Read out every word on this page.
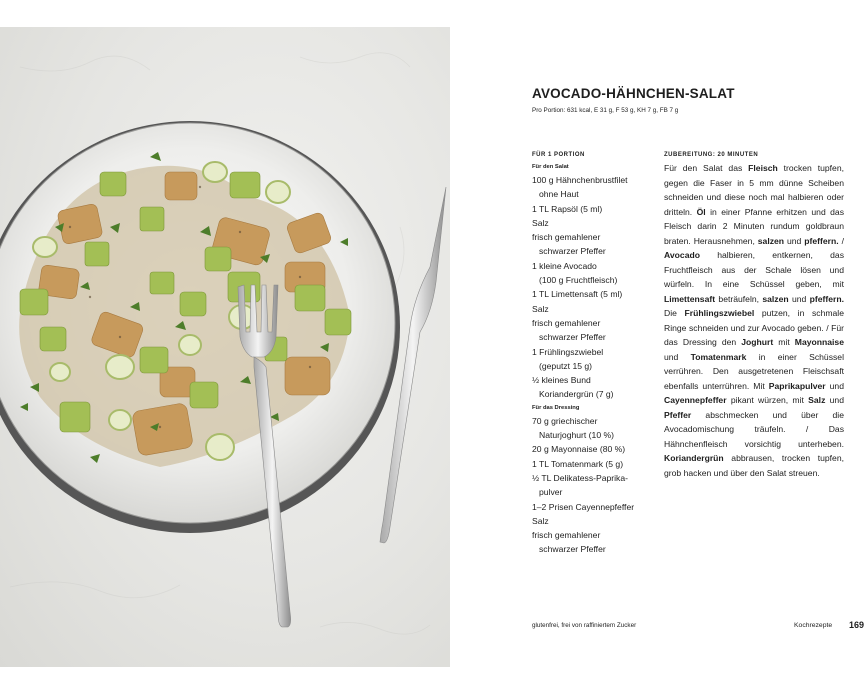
AVOCADO-HÄHNCHEN-SALAT
Pro Portion: 631 kcal, E 31 g, F 53 g, KH 7 g, FB 7 g
FÜR 1 PORTION
Für den Salat
100 g Hähnchenbrustfilet
ohne Haut
1 TL Rapsöl (5 ml)
Salz
frisch gemahlener
schwarzer Pfeffer
1 kleine Avocado
(100 g Fruchtfleisch)
1 TL Limettensaft (5 ml)
Salz
frisch gemahlener
schwarzer Pfeffer
1 Frühlingszwiebel
(geputzt 15 g)
½ kleines Bund
Koriandergrün (7 g)
Für das Dressing
70 g griechischer
Naturjoghurt (10 %)
20 g Mayonnaise (80 %)
1 TL Tomatenmark (5 g)
½ TL Delikatess-Paprika-
pulver
1–2 Prisen Cayennepfeffer
Salz
frisch gemahlener
schwarzer Pfeffer
ZUBEREITUNG: 20 MINUTEN
Für den Salat das Fleisch trocken tupfen, gegen die Faser in 5 mm dünne Scheiben schneiden und diese noch mal halbieren oder dritteln. Öl in einer Pfanne erhitzen und das Fleisch darin 2 Minuten rundum goldbraun braten. Herausnehmen, salzen und pfeffern. / Avocado halbieren, entkernen, das Fruchtfleisch aus der Schale lösen und würfeln. In eine Schüssel geben, mit Limettensaft beträufeln, salzen und pfeffern. Die Frühlingszwiebel putzen, in schmale Ringe schneiden und zur Avocado geben. / Für das Dressing den Joghurt mit Mayonnaise und Tomatenmark in einer Schüssel verrühren. Den ausgetretenen Fleischsaft ebenfalls unterrühren. Mit Paprikapulver und Cayennepfeffer pikant würzen, mit Salz und Pfeffer abschmecken und über die Avocadomischung träufeln. / Das Hähnchenfleisch vorsichtig unterheben. Koriandergrün abbrausen, trocken tupfen, grob hacken und über den Salat streuen.
glutenfrei, frei von raffiniertem Zucker	Kochrezepte 169
